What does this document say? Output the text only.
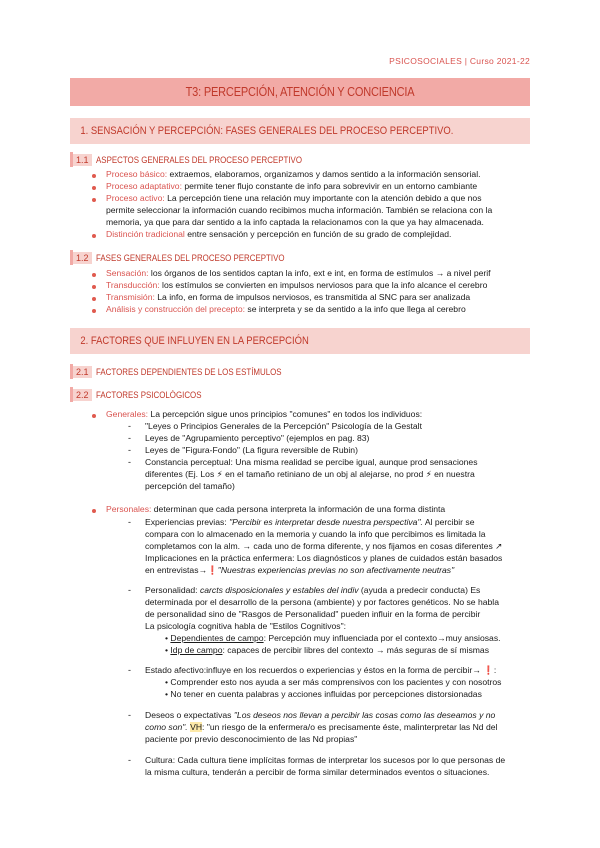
PSICOSOCIALES | Curso 2021-22
T3: PERCEPCIÓN, ATENCIÓN Y CONCIENCIA
1. SENSACIÓN Y PERCEPCIÓN: FASES GENERALES DEL PROCESO PERCEPTIVO.
1.1 ASPECTOS GENERALES DEL PROCESO PERCEPTIVO
Proceso básico: extraemos, elaboramos, organizamos y damos sentido a la información sensorial.
Proceso adaptativo: permite tener flujo constante de info para sobrevivir en un entorno cambiante
Proceso activo: La percepción tiene una relación muy importante con la atención debido a que nos
permite seleccionar la información cuando recibimos mucha información. También se relaciona con la
memoria, ya que para dar sentido a la info captada la relacionamos con la que ya hay almacenada.
Distinción tradicional entre sensación y percepción en función de su grado de complejidad.
1.2 FASES GENERALES DEL PROCESO PERCEPTIVO
Sensación: los órganos de los sentidos captan la info, ext e int, en forma de estímulos → a nivel perif
Transducción: los estímulos se convierten en impulsos nerviosos para que la info alcance el cerebro
Transmisión: La info, en forma de impulsos nerviosos, es transmitida al SNC para ser analizada
Análisis y construcción del precepto: se interpreta y se da sentido a la info que llega al cerebro
2. FACTORES QUE INFLUYEN EN LA PERCEPCIÓN
2.1 FACTORES DEPENDIENTES DE LOS ESTÍMULOS
2.2 FACTORES PSICOLÓGICOS
Generales: La percepción sigue unos principios "comunes" en todos los individuos:
- "Leyes o Principios Generales de la Percepción" Psicología de la Gestalt
- Leyes de "Agrupamiento perceptivo" (ejemplos en pag. 83)
- Leyes de "Figura-Fondo" (La figura reversible de Rubin)
- Constancia perceptual: Una misma realidad se percibe igual, aunque prod sensaciones
diferentes (Ej. Los ⚡ en el tamaño retiniano de un obj al alejarse, no prod ⚡ en nuestra
percepción del tamaño)
Personales: determinan que cada persona interpreta la información de una forma distinta
- Experiencias previas: "Percibir es interpretar desde nuestra perspectiva". Al percibir se
compara con lo almacenado en la memoria y cuando la info que percibimos es limitada la
completamos con la alm. → cada uno de forma diferente, y nos fijamos en cosas diferentes ↗
Implicaciones en la práctica enfermera: Los diagnósticos y planes de cuidados están basados
en entrevistas→❗"Nuestras experiencias previas no son afectivamente neutras"
- Personalidad: carcts disposicionales y estables del indiv (ayuda a predecir conducta) Es
determinada por el desarrollo de la persona (ambiente) y por factores genéticos. No se habla
de personalidad sino de "Rasgos de Personalidad" pueden influir en la forma de percibir
La psicología cognitiva habla de "Estilos Cognitivos":
• Dependientes de campo: Percepción muy influenciada por el contexto→muy ansiosas.
• Idp de campo: capaces de percibir libres del contexto → más seguras de sí mismas
- Estado afectivo:influye en los recuerdos o experiencias y éstos en la forma de percibir→ ❗:
• Comprender esto nos ayuda a ser más comprensivos con los pacientes y con nosotros
• No tener en cuenta palabras y acciones influidas por percepciones distorsionadas
- Deseos o expectativas "Los deseos nos llevan a percibir las cosas como las deseamos y no
como son". VH: "un riesgo de la enfermera/o es precisamente éste, malinterpretar las Nd del
paciente por previo desconocimiento de las Nd propias"
- Cultura: Cada cultura tiene implícitas formas de interpretar los sucesos por lo que personas de
la misma cultura, tenderán a percibir de forma similar determinados eventos o situaciones.
